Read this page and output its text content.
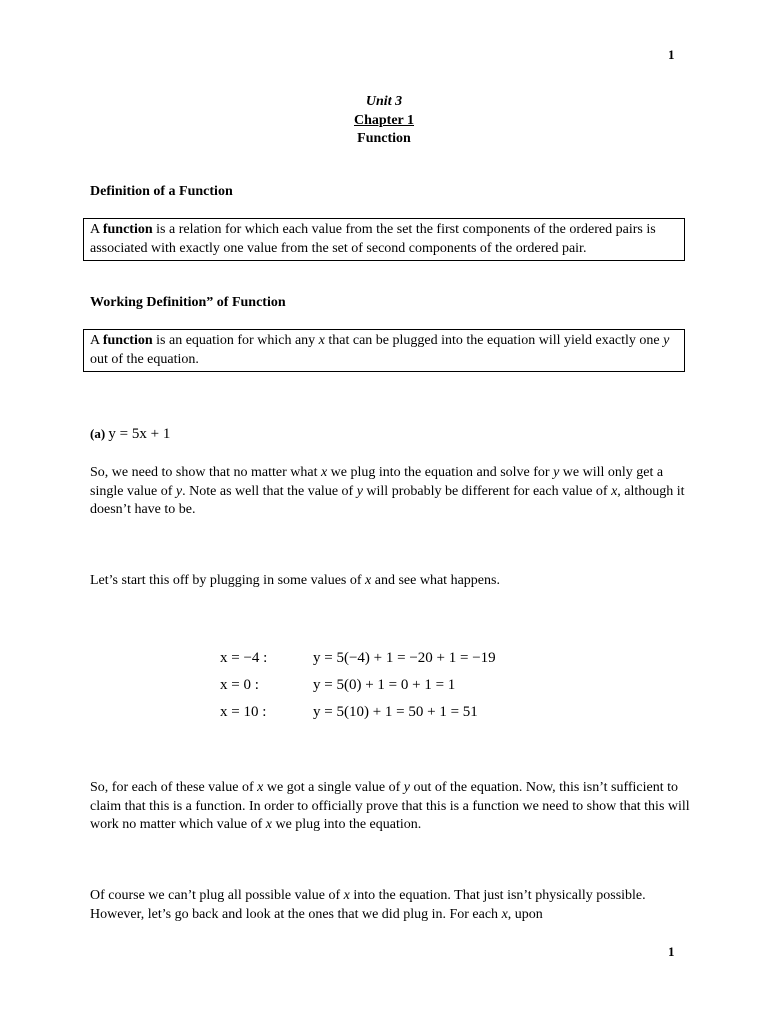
1
Unit 3
Chapter 1
Function
Definition of a Function
A function is a relation for which each value from the set the first components of the ordered pairs is associated with exactly one value from the set of second components of the ordered pair.
Working Definition” of Function
A function is an equation for which any x that can be plugged into the equation will yield exactly one y out of the equation.
(a) y = 5x + 1
So, we need to show that no matter what x we plug into the equation and solve for y we will only get a single value of y. Note as well that the value of y will probably be different for each value of x, although it doesn’t have to be.
Let’s start this off by plugging in some values of x and see what happens.
x = −4 :	y = 5(−4) + 1 = −20 + 1 = −19
x = 0 :	y = 5(0) + 1 = 0 + 1 = 1
x = 10 :	y = 5(10) + 1 = 50 + 1 = 51
So, for each of these value of x we got a single value of y out of the equation. Now, this isn’t sufficient to claim that this is a function. In order to officially prove that this is a function we need to show that this will work no matter which value of x we plug into the equation.
Of course we can’t plug all possible value of x into the equation. That just isn’t physically possible. However, let’s go back and look at the ones that we did plug in. For each x, upon
1
